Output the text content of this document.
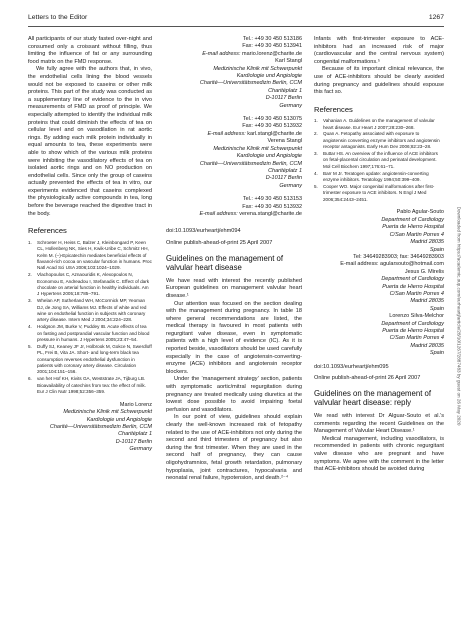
Letters to the Editor	1267

All participants of our study fasted over-night and consumed only a croissant without filling, thus limiting the influence of fat or any surrounding food matrix on the FMD response.

We fully agree with the authors that, in vivo, the endothelial cells lining the blood vessels would not be exposed to caseins or other milk proteins. This part of the study was conducted as a supplementary line of evidence to the in vivo measurements of FMD as proof of principle. We especially attempted to identify the individual milk proteins that could diminish the effects of tea on cellular level and on vasodilation in rat aortic rings. By adding each milk protein individually in equal amounts to tea, these experiments were able to show which of the various milk proteins were inhibiting the vasodilatory effects of tea on isolated aortic rings and on NO production on endothelial cells. Since only the group of caseins actually prevented the effects of tea in vitro, our experiments evidenced that caseins complexed the physiologically active compounds in tea, long before the beverage reached the digestive tract in the body.

References
1. Schroeter H, Heiss C, Balzer J, Kleinbongard P, Keen CL, Hollenberg NK, Sies H, Kwik-Uribe C, Schmitz HH, Kelm M. (–)-Epicatechin mediates beneficial effects of flavanol-rich cocoa on vascular function in humans. Proc Natl Acad Sci USA 2006;103:1024–1029.
2. Vlachopoulos C, Aznaouridis K, Alexopoulos N, Economou E, Andreadou I, Stefanadis C. Effect of dark chocolate on arterial function in healthy individuals. Am J Hypertens 2005;18:785–791.
3. Whelan AP, Sutherland WH, McCormick MP, Yeoman DJ, de Jong SA, Williams MJ. Effects of white and red wine on endothelial function in subjects with coronary artery disease. Intern Med J 2004;34:224–228.
4. Hodgson JM, Burke V, Puddey IB. Acute effects of tea on fasting and postprandial vascular function and blood pressure in humans. J Hypertens 2005;23:47–54.
5. Duffy SJ, Keaney JF Jr, Holbrook M, Gokce N, Swerdloff PL, Frei B, Vita JA. Short- and long-term black tea consumption reverses endothelial dysfunction in patients with coronary artery disease. Circulation 2001;104:151–156.
6. van het Hof KH, Kivits GA, Weststrate JA, Tijburg LB. Bioavailability of catechins from tea: the effect of milk. Eur J Clin Nutr 1998;52:356–359.
Mario Lorenz
Medizinische Klinik mit Schwerpunkt
Kardiologie und Angiologie
Charité—Universitätsmedizin Berlin, CCM
Charitéplatz 1
D-10117 Berlin
Germany
Tel.: +49 30 450 513186
Fax: +49 30 450 513941
E-mail address: mario.lorenz@charite.de
Karl Stangl
Medizinische Klinik mit Schwerpunkt
Kardiologie und Angiologie
Charité—Universitätsmedizin Berlin, CCM
Charitéplatz 1
D-10117 Berlin
Germany
Tel.: +49 30 450 513075
Fax: +49 30 450 513932
E-mail address: karl.stangl@charite.de
Verena Stangl
Medizinische Klinik mit Schwerpunkt
Kardiologie und Angiologie
Charité—Universitätsmedizin Berlin, CCM
Charitéplatz 1
D-10117 Berlin
Germany
Tel.: +49 30 450 513153
Fax: +49 30 450 513932
E-mail address: verena.stangl@charite.de

doi:10.1093/eurheartj/ehm094

Online publish-ahead-of-print 25 April 2007

Guidelines on the management of valvular heart disease

We have read with interest the recently published European guidelines on management valvular heart disease.¹

Our attention was focused on the section dealing with the management during pregnancy. In table 18 where general recommendations are listed, the medical therapy is favoured in most patients with regurgitant valve disease, even in symptomatic patients with a high level of evidence (IC). As it is reported beside, vasodilators should be used carefully especially in the case of angiotensin-converting-enzyme (ACE) inhibitors and angiotensin receptor blockers.

Under the ‘management strategy’ section, patients with symptomatic aortic/mitral regurgitation during pregnancy are treated medically using diuretics at the lowest dose possible to avoid impairing foetal perfusion and vasodilators.

In our point of view, guidelines should explain clearly the well-known increased risk of fetopathy related to the use of ACE-inhibitors not only during the second and third trimesters of pregnancy but also during the first trimester. When they are used in the second half of pregnancy, they can cause oligohydramnios, fetal growth retardation, pulmonary hypoplasia, joint contractures, hypocalvaria and neonatal renal failure, hypotension, and death.²⁻⁴

Infants with first-trimester exposure to ACE-inhibitors had an increased risk of major (cardiovascular and the central nervous system) congenital malformations.⁵

Because of its important clinical relevance, the use of ACE-inhibitors should be clearly avoided during pregnancy and guidelines should espouse this fact so.

References
1. Vahanian A. Guidelines on the management of valvular heart disease. Eur Heart J 2007;28:230–268.
2. Quan A. Fetopathy associated with exposure to angiotensin converting enzyme inhibitors and angiotensin receptor antagonists. Early Hum Dev 2006;82:23–28.
3. Buttar HS. An overview of the influence of ACE inhibitors on fetal-placental circulation and perinatal development. Mol Cell Biochem 1997;176:61–71.
4. Barr M Jr. Teratogen update: angiotensin-converting enzyme inhibitors. Teratology 1994;50:399–409.
5. Cooper WO. Major congenital malformations after first-trimester exposure to ACE inhibitors. N Engl J Med 2006;354:2443–2451.
Pablo Agular-Souto
Department of Cardiology
Puerta de Hierro Hospital
C/San Martin Porres 4
Madrid 28035
Spain
Tel: 34649283903; fax: 34649283903
E-mail address: agularsouto@hotmail.com
Jesus G. Mirelis
Department of Cardiology
Puerta de Hierro Hospital
C/San Martin Porres 4
Madrid 28035
Spain
Lorenzo Silva-Melchor
Department of Cardiology
Puerta de Hierro Hospital
C/San Martin Porres 4
Madrid 28035
Spain

doi:10.1093/eurheartj/ehm095

Online publish-ahead-of-print 26 April 2007

Guidelines on the management of valvular heart disease: reply

We read with interest Dr Alguar-Souto et al.’s comments regarding the recent Guidelines on the Management of Valvular Heart Disease.¹

Medical management, including vasodilators, is recommended in patients with chronic regurgitant valve disease who are pregnant and have symptoms. We agree with the comment in the letter that ACE-inhibitors should be avoided during

Downloaded from https://academic.oup.com/eurheartj/article/28/10/1267/2887483 by guest on 26 May 2020
